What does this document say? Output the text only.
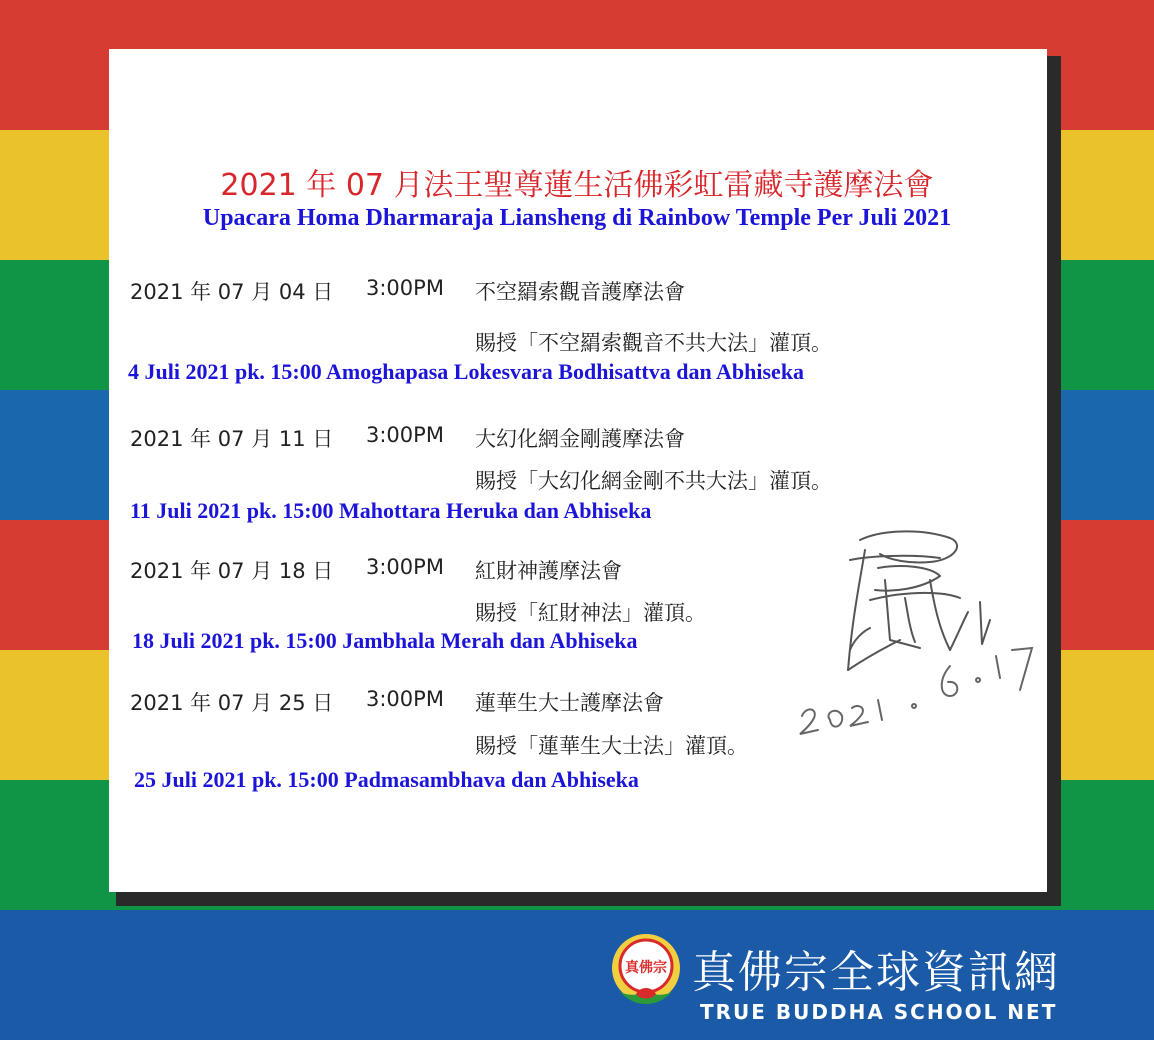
2021 年 07 月法王聖尊蓮生活佛彩虹雷藏寺護摩法會
Upacara Homa Dharmaraja Liansheng di Rainbow Temple Per Juli 2021
2021 年 07 月 04 日 3:00PM 不空羂索觀音護摩法會
賜授「不空羂索觀音不共大法」灌頂。
4 Juli 2021 pk. 15:00 Amoghapasa Lokesvara Bodhisattva dan Abhiseka
2021 年 07 月 11 日 3:00PM 大幻化網金剛護摩法會
賜授「大幻化網金剛不共大法」灌頂。
11 Juli 2021 pk. 15:00 Mahottara Heruka dan Abhiseka
2021 年 07 月 18 日 3:00PM 紅財神護摩法會
賜授「紅財神法」灌頂。
18 Juli 2021 pk. 15:00 Jambhala Merah dan Abhiseka
2021 年 07 月 25 日 3:00PM 蓮華生大士護摩法會
賜授「蓮華生大士法」灌頂。
25 Juli 2021 pk. 15:00 Padmasambhava dan Abhiseka
真佛宗 真佛宗全球資訊網
TRUE BUDDHA SCHOOL NET
